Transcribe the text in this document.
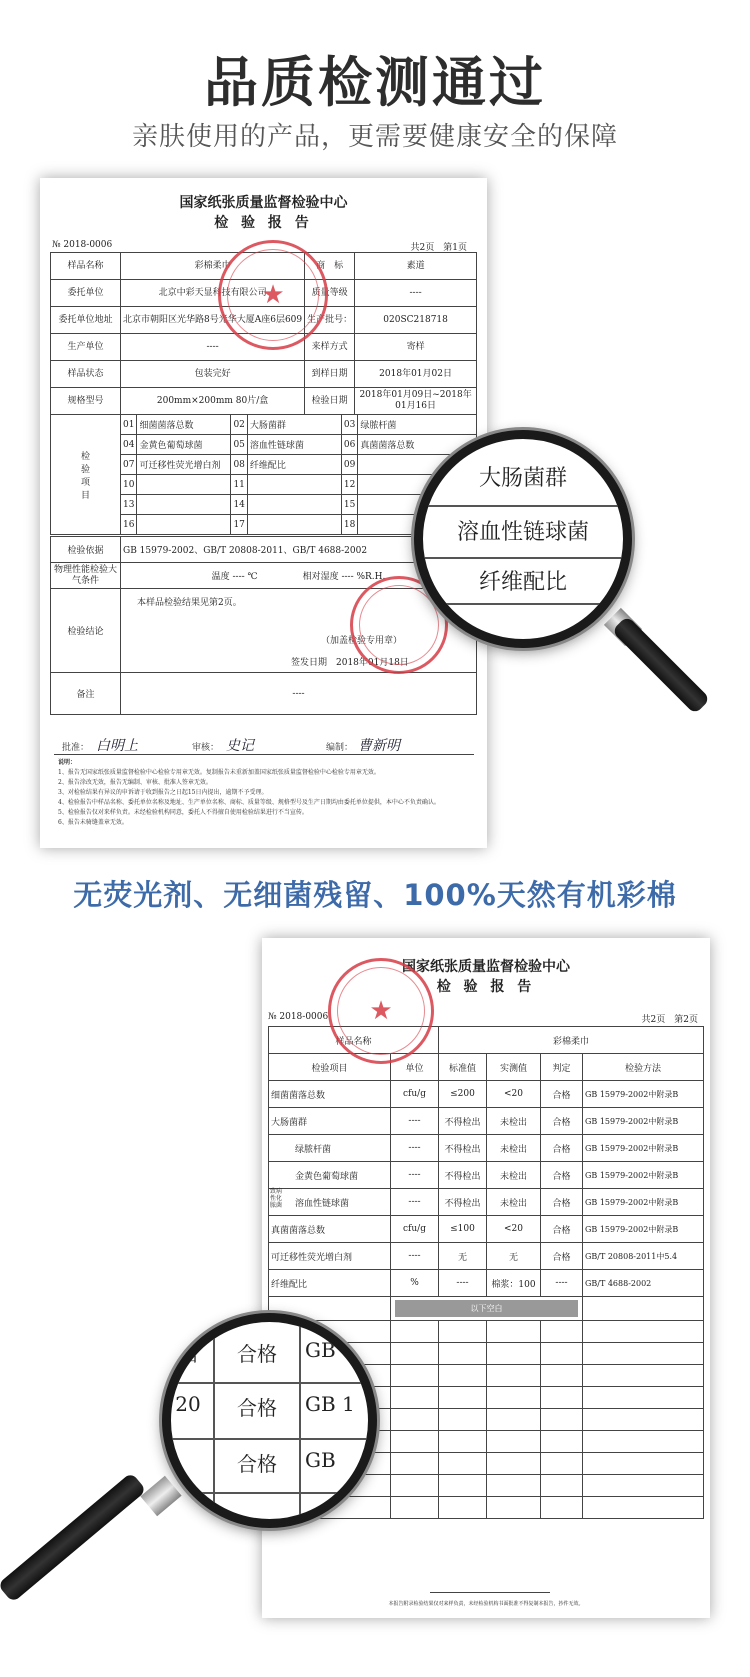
品质检测通过
亲肤使用的产品，更需要健康安全的保障
国家纸张质量监督检验中心
检 验 报 告
№ 2018-0006	共2页　第1页
样品名称	彩棉柔巾	商　标	素道
委托单位	北京中彩天显科技有限公司	质量等级	----
委托单位地址	北京市朝阳区光华路8号光华大厦A座6层609	生产批号：	020SC218718
生产单位	----	来样方式	寄样
样品状态	包装完好	到样日期	2018年01月02日
规格型号	200mm×200mm 80片/盒	检验日期	2018年01月09日~2018年01月16日
检验项目	01	细菌菌落总数	02	大肠菌群	03	绿脓杆菌
	04	金黄色葡萄球菌	05	溶血性链球菌	06	真菌菌落总数
	07	可迁移性荧光增白剂	08	纤维配比	09	
	10		11		12	
	13		14		15	
	16		17		18	
检验依据	GB 15979-2002、GB/T 20808-2011、GB/T 4688-2002
物理性能检验大气条件	温度 ---- ℃　　　　　相对湿度 ---- %R.H.
检验结论	本样品检验结果见第2页。
（加盖检验专用章）
签发日期　2018年01月18日

备注	----
批准： 白明上	审核： 史记	编制： 曹新明
说明：
1、报告无国家纸张质量监督检验中心检验专用章无效。复制报告未重新加盖国家纸张质量监督检验中心检验专用章无效。
2、报告涂改无效，报告无编制、审核、批准人签章无效。
3、对检验结果有异议的申诉请于收到报告之日起15日内提出，逾期不予受理。
4、检验报告中样品名称、委托单位名称及地址、生产单位名称、商标、质量等级、规格型号及生产日期均由委托单位提供，本中心不负责确认。
5、检验报告仅对来样负责。未经检验机构同意，委托人不得擅自使用检验结果进行不当宣传。
6、报告未骑缝盖章无效。
★
大肠菌群
溶血性链球菌
纤维配比
无荧光剂、无细菌残留、100%天然有机彩棉
国家纸张质量监督检验中心
检 验 报 告
№ 2018-0006	共2页　第2页
样品名称		彩棉柔巾			
检验项目	单位	标准值	实测值	判定	检验方法
细菌菌落总数	cfu/g	≤200	<20	合格	GB 15979-2002中附录B
大肠菌群	----	不得检出	未检出	合格	GB 15979-2002中附录B
绿脓杆菌	----	不得检出	未检出	合格	GB 15979-2002中附录B
金黄色葡萄球菌	----	不得检出	未检出	合格	GB 15979-2002中附录B
溶血性链球菌	----	不得检出	未检出	合格	GB 15979-2002中附录B
真菌菌落总数	cfu/g	≤100	<20	合格	GB 15979-2002中附录B
可迁移性荧光增白剂	----	无	无	合格	GB/T 20808-2011中5.4
纤维配比	%	----	棉浆：100	----	GB/T 4688-2002

以下空白				

本报告附录检验结果仅对来样负责，未经检验机构书面批准不得复制本报告，抄件无效。
★
致病性化脓菌
出	合格	GB
20	合格	GB 1
合格	GB
